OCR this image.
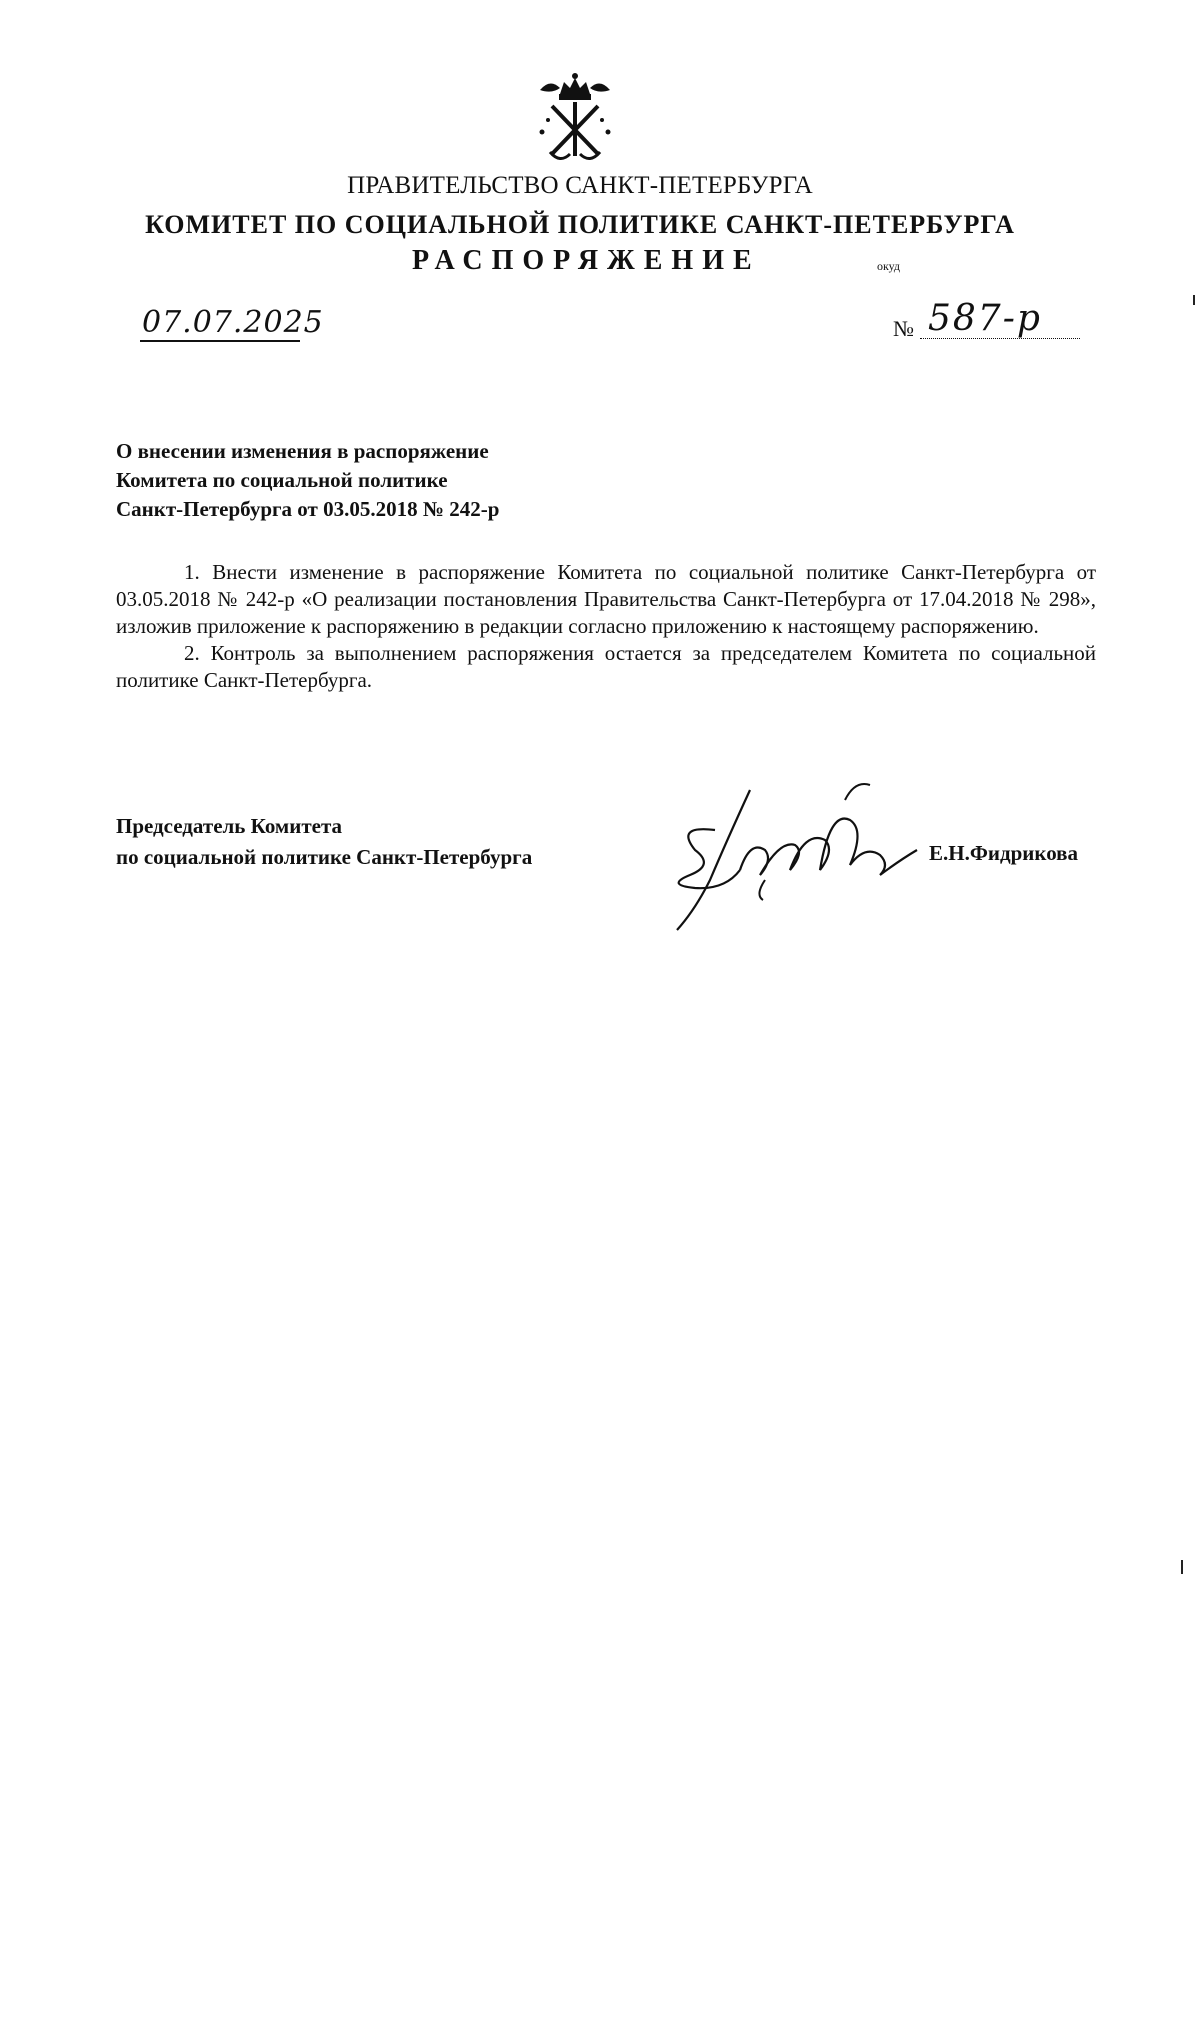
ПРАВИТЕЛЬСТВО САНКТ-ПЕТЕРБУРГА
КОМИТЕТ ПО СОЦИАЛЬНОЙ ПОЛИТИКЕ САНКТ-ПЕТЕРБУРГА
РАСПОРЯЖЕНИЕ	окуд
07.07.2025	№ 587-р
О внесении изменения в распоряжение
Комитета по социальной политике
Санкт-Петербурга от 03.05.2018 № 242-р

1. Внести изменение в распоряжение Комитета по социальной политике Санкт-Петербурга от 03.05.2018 № 242-р «О реализации постановления Правительства Санкт-Петербурга от 17.04.2018 № 298», изложив приложение к распоряжению в редакции согласно приложению к настоящему распоряжению.

2. Контроль за выполнением распоряжения остается за председателем Комитета по социальной политике Санкт-Петербурга.

Председатель Комитета
по социальной политике Санкт-Петербурга	Е.Н.Фидрикова
